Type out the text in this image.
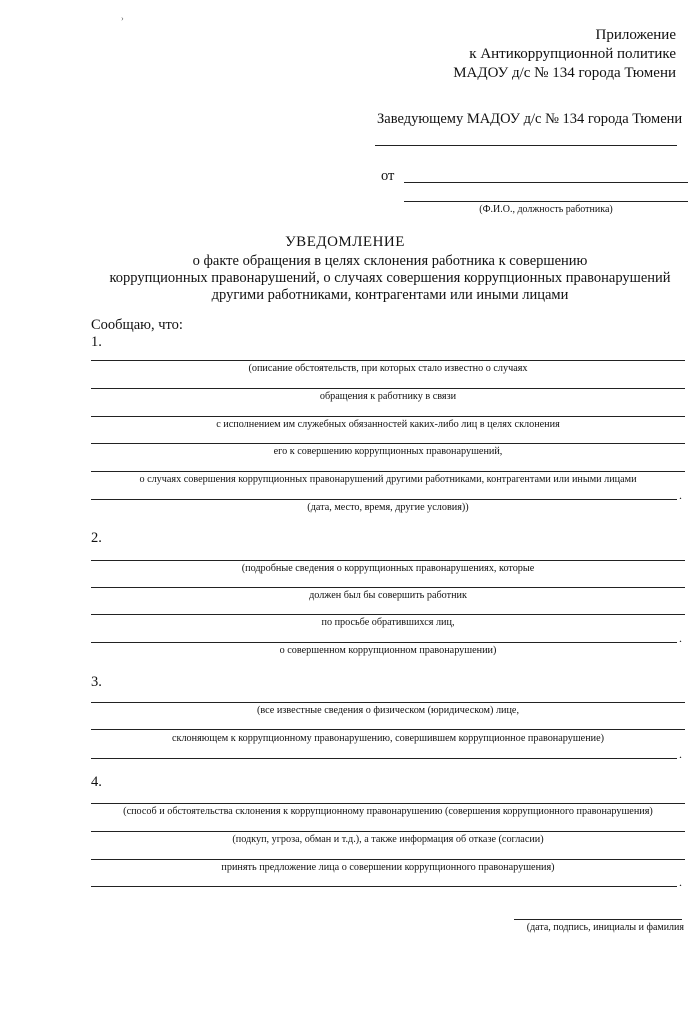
›
Приложение
к Антикоррупционной политике
МАДОУ д/с № 134 города Тюмени
Заведующему МАДОУ д/с № 134 города Тюмени
от
(Ф.И.О., должность работника)
УВЕДОМЛЕНИЕ
о факте обращения в целях склонения работника к совершению
коррупционных правонарушений, о случаях совершения коррупционных правонарушений
другими работниками, контрагентами или иными лицами
Сообщаю, что:
1.
(описание обстоятельств, при которых стало известно о случаях
обращения к работнику в связи
с исполнением им служебных обязанностей каких-либо лиц в целях склонения
его к совершению коррупционных правонарушений,
о случаях совершения коррупционных правонарушений другими работниками, контрагентами или иными лицами
.
(дата, место, время, другие условия))
2.
(подробные сведения о коррупционных правонарушениях, которые
должен был бы совершить работник
по просьбе обратившихся лиц,
.
о совершенном коррупционном правонарушении)
3.
(все известные сведения о физическом (юридическом) лице,
склоняющем к коррупционному правонарушению, совершившем коррупционное правонарушение)
.
4.
(способ и обстоятельства склонения к коррупционному правонарушению (совершения коррупционного правонарушения)
(подкуп, угроза, обман и т.д.), а также информация об отказе (согласии)
принять предложение лица о совершении коррупционного правонарушения)
.
(дата, подпись, инициалы и фамилия
